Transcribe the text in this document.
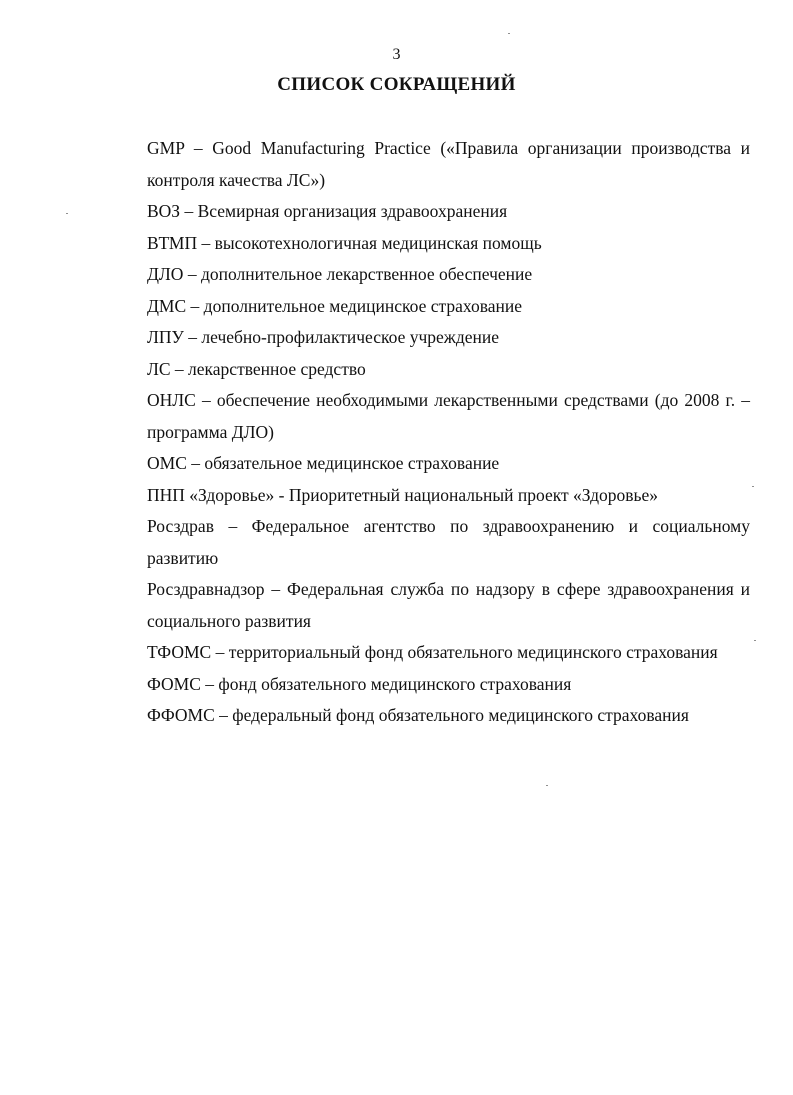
3
СПИСОК СОКРАЩЕНИЙ

GMP – Good Manufacturing Practice («Правила организации производства и контроля качества ЛС»)

ВОЗ – Всемирная организация здравоохранения

ВТМП – высокотехнологичная медицинская помощь

ДЛО – дополнительное лекарственное обеспечение

ДМС – дополнительное медицинское страхование

ЛПУ – лечебно-профилактическое учреждение

ЛС – лекарственное средство

ОНЛС – обеспечение необходимыми лекарственными средствами (до 2008 г. – программа ДЛО)

ОМС – обязательное медицинское страхование

ПНП «Здоровье» - Приоритетный национальный проект «Здоровье»

Росздрав – Федеральное агентство по здравоохранению и социальному развитию

Росздравнадзор – Федеральная служба по надзору в сфере здравоохранения и социального развития

ТФОМС – территориальный фонд обязательного медицинского страхования

ФОМС – фонд обязательного медицинского страхования

ФФОМС – федеральный фонд обязательного медицинского страхования
